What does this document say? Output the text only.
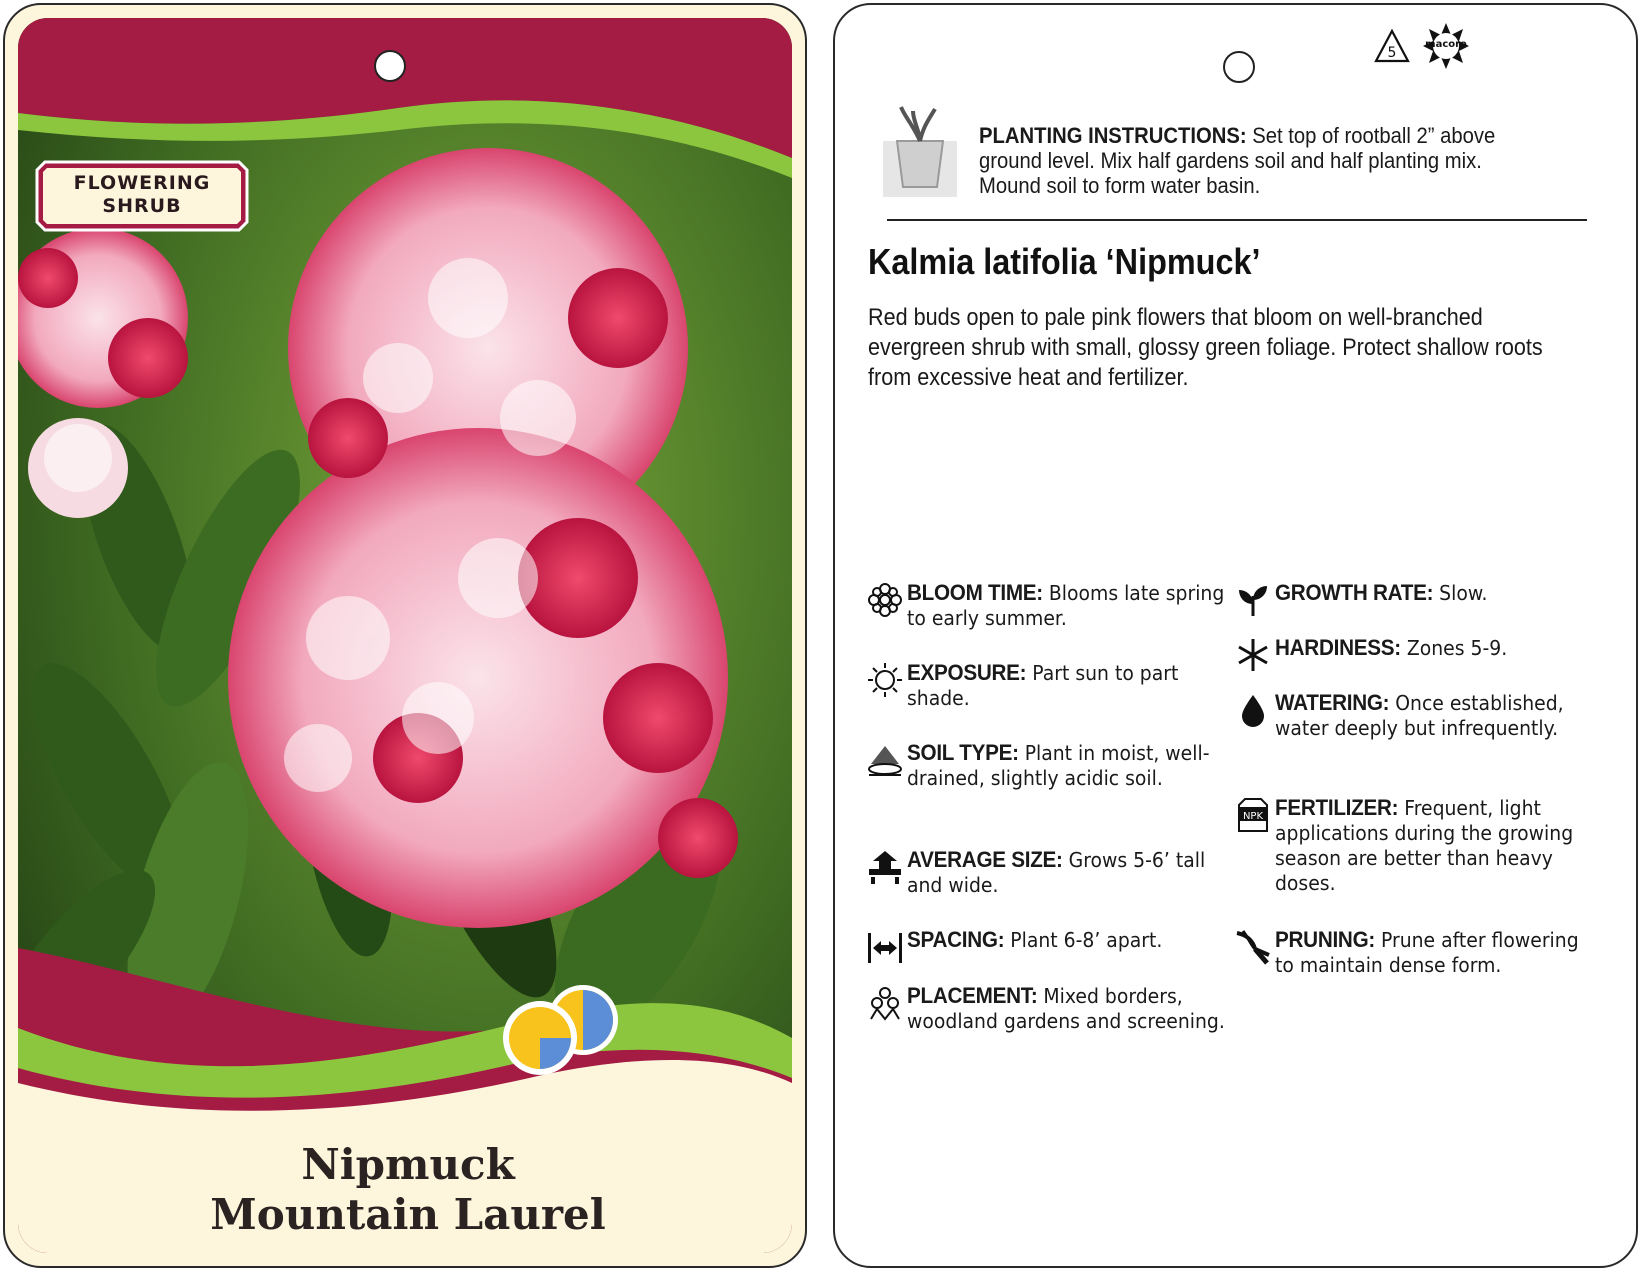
FLOWERING
SHRUB
Nipmuck
Mountain Laurel
5
macore
PLANTING INSTRUCTIONS: Set top of rootball 2” above ground level. Mix half gardens soil and half planting mix. Mound soil to form water basin.
Kalmia latifolia ‘Nipmuck’
Red buds open to pale pink flowers that bloom on well-branched evergreen shrub with small, glossy green foliage. Protect shallow roots from excessive heat and fertilizer.
BLOOM TIME: Blooms late spring to early summer.
EXPOSURE: Part sun to part shade.
SOIL TYPE: Plant in moist, well-drained, slightly acidic soil.
AVERAGE SIZE: Grows 5-6’ tall and wide.
SPACING: Plant 6-8’ apart.
PLACEMENT: Mixed borders, woodland gardens and screening.
GROWTH RATE: Slow.
HARDINESS: Zones 5-9.
WATERING: Once established, water deeply but infrequently.
NPK FERTILIZER: Frequent, light applications during the growing season are better than heavy doses.
PRUNING: Prune after flowering to maintain dense form.
